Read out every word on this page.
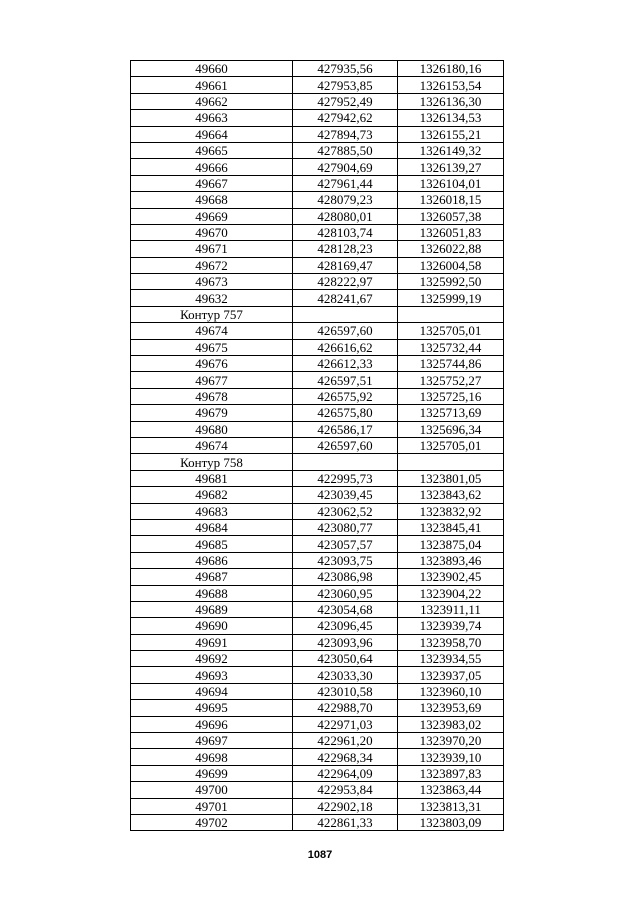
49660	427935,56	1326180,16
49661	427953,85	1326153,54
49662	427952,49	1326136,30
49663	427942,62	1326134,53
49664	427894,73	1326155,21
49665	427885,50	1326149,32
49666	427904,69	1326139,27
49667	427961,44	1326104,01
49668	428079,23	1326018,15
49669	428080,01	1326057,38
49670	428103,74	1326051,83
49671	428128,23	1326022,88
49672	428169,47	1326004,58
49673	428222,97	1325992,50
49632	428241,67	1325999,19
Контур 757		
49674	426597,60	1325705,01
49675	426616,62	1325732,44
49676	426612,33	1325744,86
49677	426597,51	1325752,27
49678	426575,92	1325725,16
49679	426575,80	1325713,69
49680	426586,17	1325696,34
49674	426597,60	1325705,01
Контур 758		
49681	422995,73	1323801,05
49682	423039,45	1323843,62
49683	423062,52	1323832,92
49684	423080,77	1323845,41
49685	423057,57	1323875,04
49686	423093,75	1323893,46
49687	423086,98	1323902,45
49688	423060,95	1323904,22
49689	423054,68	1323911,11
49690	423096,45	1323939,74
49691	423093,96	1323958,70
49692	423050,64	1323934,55
49693	423033,30	1323937,05
49694	423010,58	1323960,10
49695	422988,70	1323953,69
49696	422971,03	1323983,02
49697	422961,20	1323970,20
49698	422968,34	1323939,10
49699	422964,09	1323897,83
49700	422953,84	1323863,44
49701	422902,18	1323813,31
49702	422861,33	1323803,09
1087
